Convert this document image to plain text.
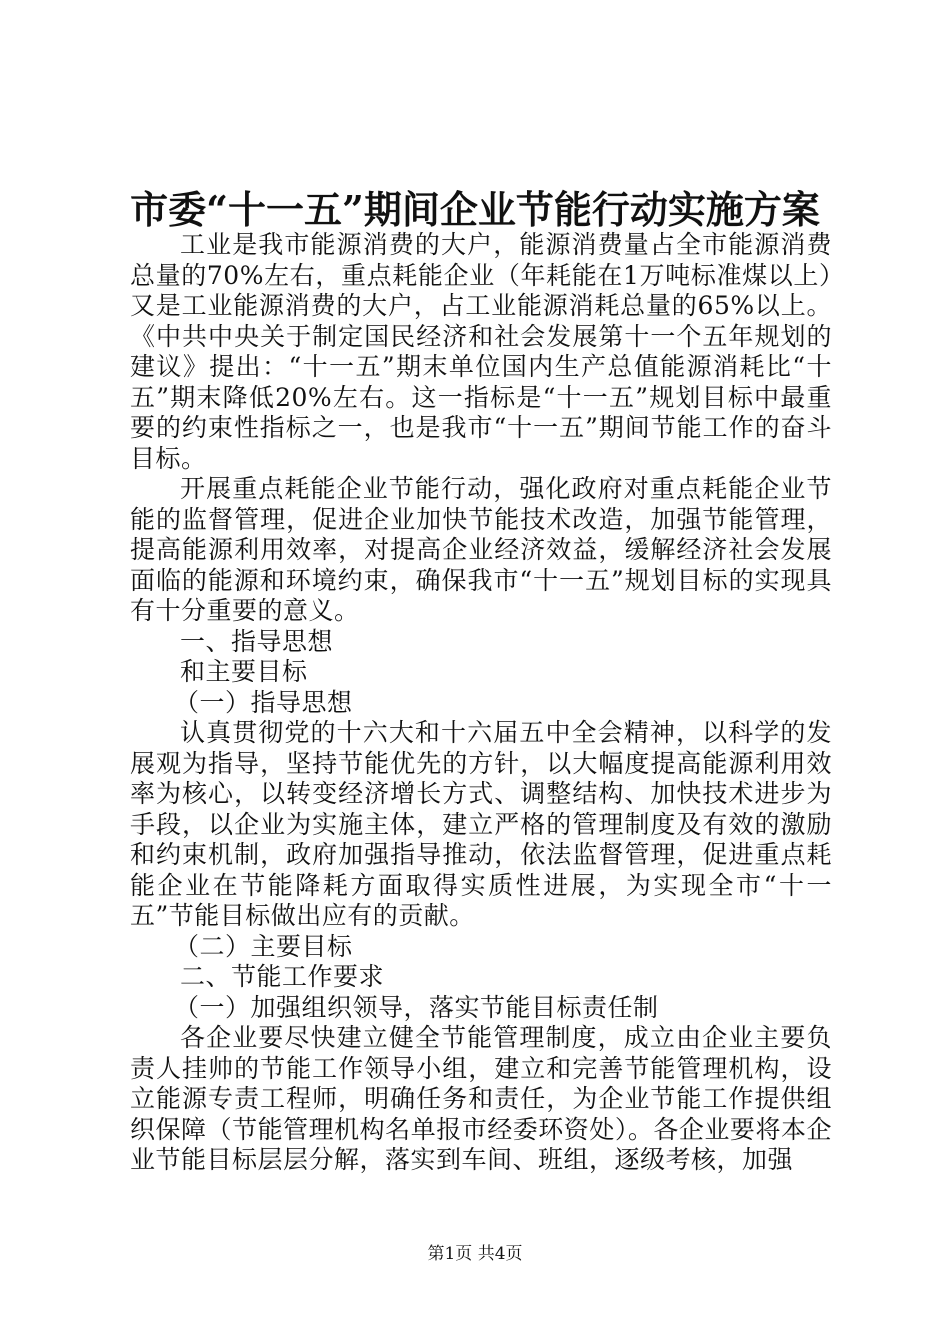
市委“十一五”期间企业节能行动实施方案

工业是我市能源消费的大户，能源消费量占全市能源消费总量的70%左右，重点耗能企业（年耗能在1万吨标准煤以上）又是工业能源消费的大户，占工业能源消耗总量的65%以上。《中共中央关于制定国民经济和社会发展第十一个五年规划的建议》提出：“十一五”期末单位国内生产总值能源消耗比“十五”期末降低20%左右。这一指标是“十一五”规划目标中最重要的约束性指标之一，也是我市“十一五”期间节能工作的奋斗目标。

开展重点耗能企业节能行动，强化政府对重点耗能企业节能的监督管理，促进企业加快节能技术改造，加强节能管理，提高能源利用效率，对提高企业经济效益，缓解经济社会发展面临的能源和环境约束，确保我市“十一五”规划目标的实现具有十分重要的意义。

一、指导思想

和主要目标

（一）指导思想

认真贯彻党的十六大和十六届五中全会精神，以科学的发展观为指导，坚持节能优先的方针，以大幅度提高能源利用效率为核心，以转变经济增长方式、调整结构、加快技术进步为手段，以企业为实施主体，建立严格的管理制度及有效的激励和约束机制，政府加强指导推动，依法监督管理，促进重点耗能企业在节能降耗方面取得实质性进展，为实现全市“十一五”节能目标做出应有的贡献。

（二）主要目标

二、节能工作要求

（一）加强组织领导，落实节能目标责任制

各企业要尽快建立健全节能管理制度，成立由企业主要负责人挂帅的节能工作领导小组，建立和完善节能管理机构，设立能源专责工程师，明确任务和责任，为企业节能工作提供组织保障（节能管理机构名单报市经委环资处）。各企业要将本企业节能目标层层分解，落实到车间、班组，逐级考核，加强

第1页 共4页
